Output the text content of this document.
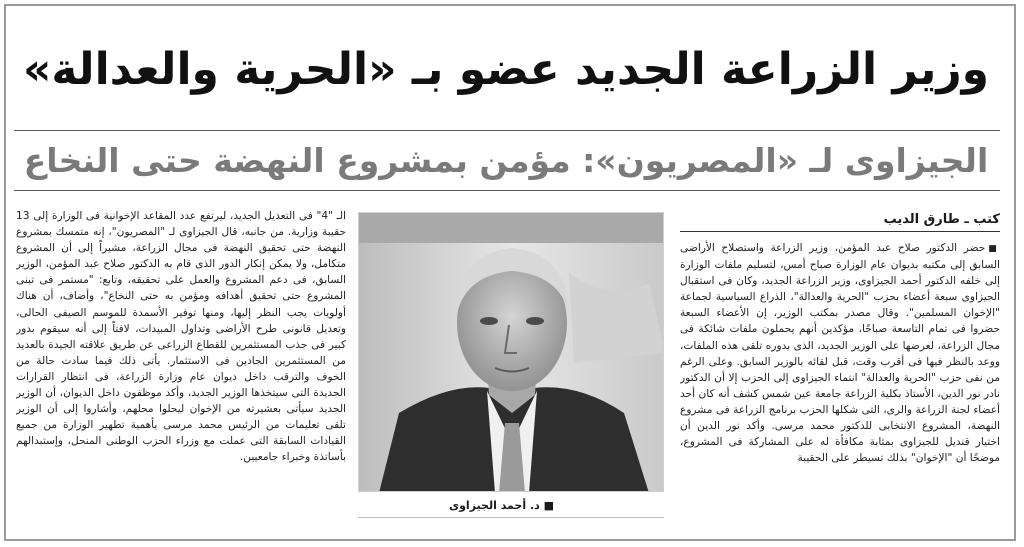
وزير الزراعة الجديد عضو بـ «الحرية والعدالة»
الجيزاوى لـ «المصريون»: مؤمن بمشروع النهضة حتى النخاع
كتب ـ طارق الديب
■حضر الدكتور صلاح عبد المؤمن، وزير الزراعة واستصلاح الأراضى السابق إلى مكتبه بديوان عام الوزارة صباح أمس، لتسليم ملفات الوزارة إلى خلفه الدكتور أحمد الجيزاوى، وزير الزراعة الجديد، وكان فى استقبال الجيزاوى سبعة أعضاء بحزب "الحرية والعدالة"، الذراع السياسية لجماعة "الإخوان المسلمين". وقال مصدر بمكتب الوزير، إن الأعضاء السبعة حضروا فى تمام التاسعة صباحًا، مؤكدين أنهم يحملون ملفات شائكة فى مجال الزراعة، لعرضها على الوزير الجديد، الذى بدوره تلقى هذه الملفات، ووعد بالنظر فيها فى أقرب وقت، قبل لقائه بالوزير السابق. وعلى الرغم من نفى حزب "الحرية والعدالة" انتماء الجيزاوى إلى الحزب إلا أن الدكتور نادر نور الدين، الأستاذ بكلية الزراعة جامعة عين شمس كشف أنه كان أحد أعضاء لجنة الزراعة والرى، التى شكلها الحزب برنامج الزراعة فى مشروع النهضة، المشروع الانتخابى للدكتور محمد مرسى. وأكد نور الدين أن اختيار قنديل للجيزاوى بمثابة مكافأة له على المشاركة فى المشروع، موضحًا أن "الإخوان" بذلك تسيطر على الحقيبة
■ د. أحمد الجيزاوى
الـ "4" فى التعديل الجديد، ليرتفع عدد المقاعد الإخوانية فى الوزارة إلى 13 حقيبة وزارية. من جانبه، قال الجيزاوى لـ "المصريون"، إنه متمسك بمشروع النهضة حتى تحقيق النهضة فى مجال الزراعة، مشيراً إلى أن المشروع متكامل، ولا يمكن إنكار الدور الذى قام به الدكتور صلاح عبد المؤمن، الوزير السابق، فى دعم المشروع والعمل على تحقيقه، وتابع: "مستمر فى تبنى المشروع حتى تحقيق أهدافه ومؤمن به حتى النخاع"، وأضاف، أن هناك أولويات يجب النظر إليها، ومنها توفير الأسمدة للموسم الصيفى الحالى، وتعديل قانونى طرح الأراضى وتداول المبيدات، لافتاً إلى أنه سيقوم بدور كبير فى جذب المستثمرين للقطاع الزراعى عن طريق علاقته الجيدة بالعديد من المستثمرين الجادين فى الاستثمار. يأتى ذلك فيما سادت حالة من الخوف والترقب داخل ديوان عام وزارة الزراعة، فى انتظار القرارات الجديدة التى سيتخذها الوزير الجديد، وأكد موظفون داخل الديوان، أن الوزير الجديد سيأتى بعشيرته من الإخوان ليحلوا محلهم، وأشاروا إلى أن الوزير تلقى تعليمات من الرئيس محمد مرسى بأهمية تطهير الوزارة من جميع القيادات السابقة التى عملت مع وزراء الحزب الوطنى المنحل، وإستبدالهم بأساتذة وخبراء جامعيين.
